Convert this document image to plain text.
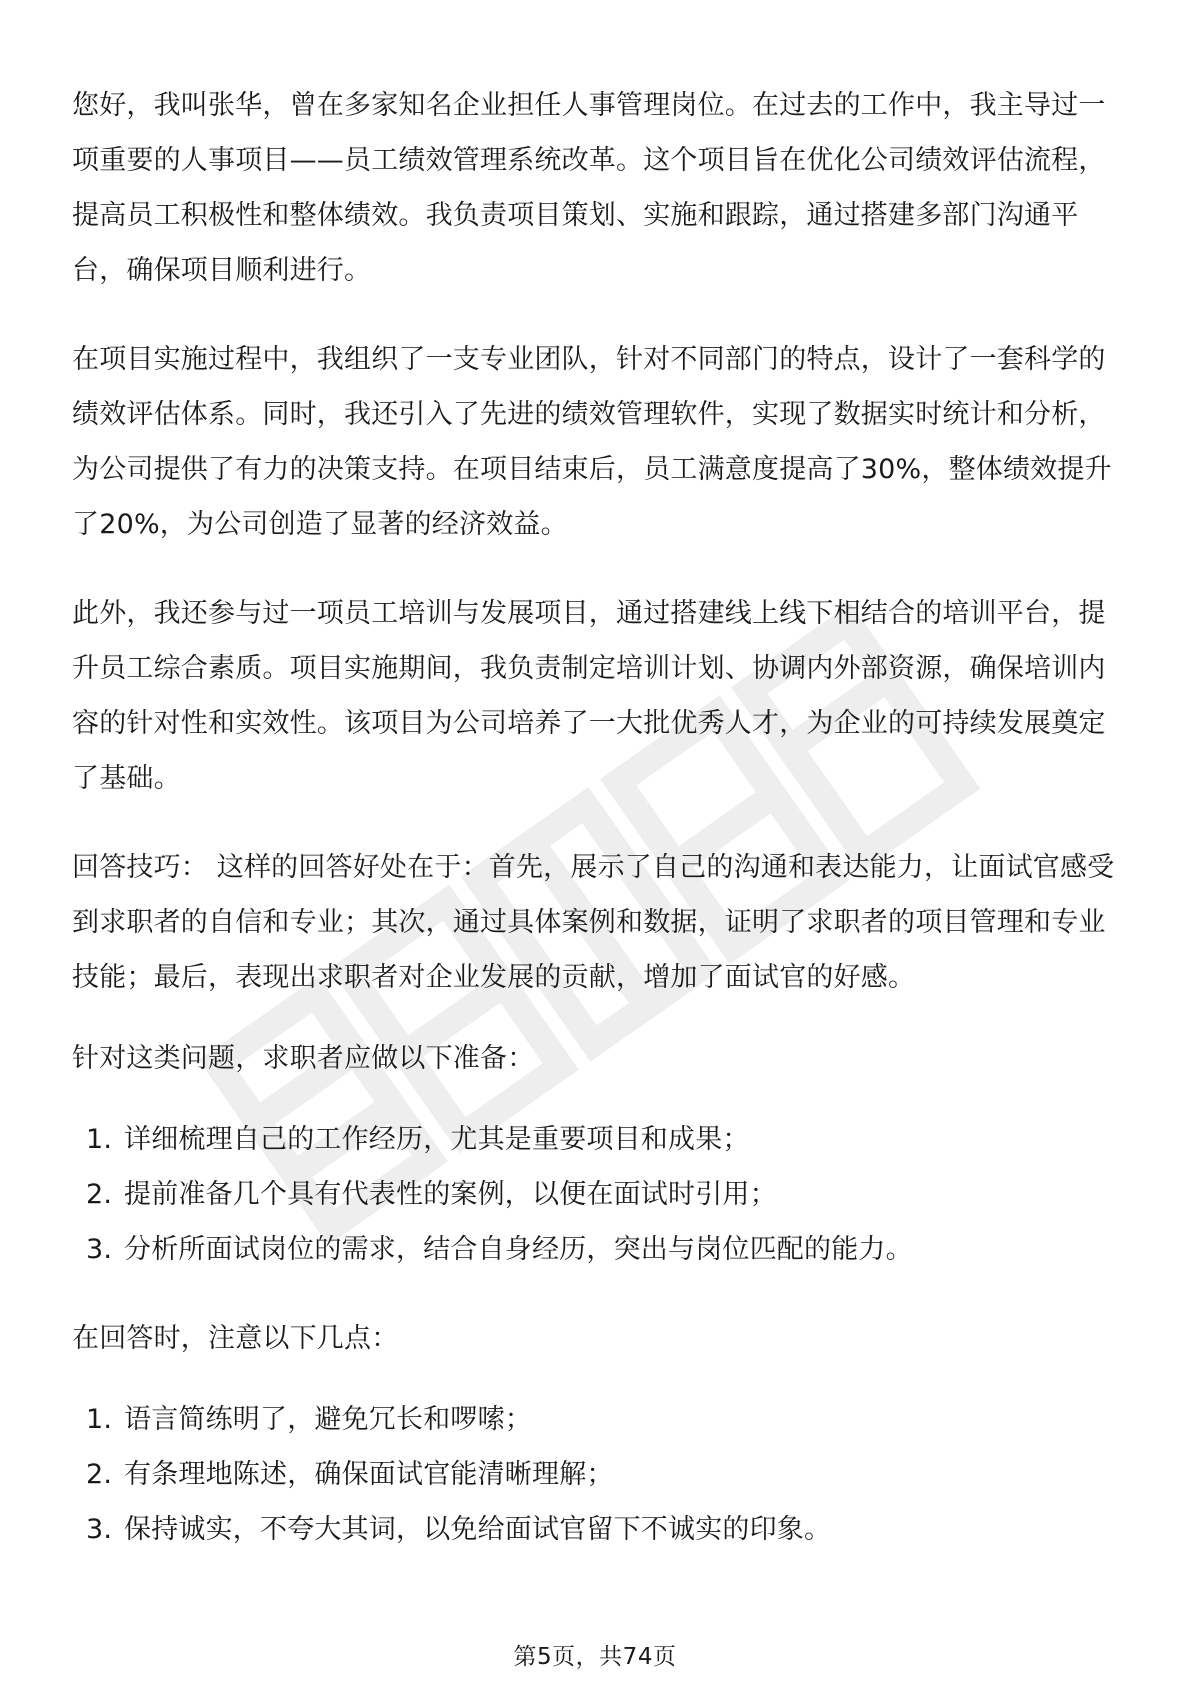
您好，我叫张华，曾在多家知名企业担任人事管理岗位。在过去的工作中，我主导过一项重要的人事项目——员工绩效管理系统改革。这个项目旨在优化公司绩效评估流程，提高员工积极性和整体绩效。我负责项目策划、实施和跟踪，通过搭建多部门沟通平台，确保项目顺利进行。

在项目实施过程中，我组织了一支专业团队，针对不同部门的特点，设计了一套科学的绩效评估体系。同时，我还引入了先进的绩效管理软件，实现了数据实时统计和分析，为公司提供了有力的决策支持。在项目结束后，员工满意度提高了30%，整体绩效提升了20%，为公司创造了显著的经济效益。

此外，我还参与过一项员工培训与发展项目，通过搭建线上线下相结合的培训平台，提升员工综合素质。项目实施期间，我负责制定培训计划、协调内外部资源，确保培训内容的针对性和实效性。该项目为公司培养了一大批优秀人才，为企业的可持续发展奠定了基础。

回答技巧： 这样的回答好处在于：首先，展示了自己的沟通和表达能力，让面试官感受到求职者的自信和专业；其次，通过具体案例和数据，证明了求职者的项目管理和专业技能；最后，表现出求职者对企业发展的贡献，增加了面试官的好感。

针对这类问题，求职者应做以下准备：

1. 详细梳理自己的工作经历，尤其是重要项目和成果；
2. 提前准备几个具有代表性的案例，以便在面试时引用；
3. 分析所面试岗位的需求，结合自身经历，突出与岗位匹配的能力。

在回答时，注意以下几点：

1. 语言简练明了，避免冗长和啰嗦；
2. 有条理地陈述，确保面试官能清晰理解；
3. 保持诚实，不夸大其词，以免给面试官留下不诚实的印象。
第5页，共74页
